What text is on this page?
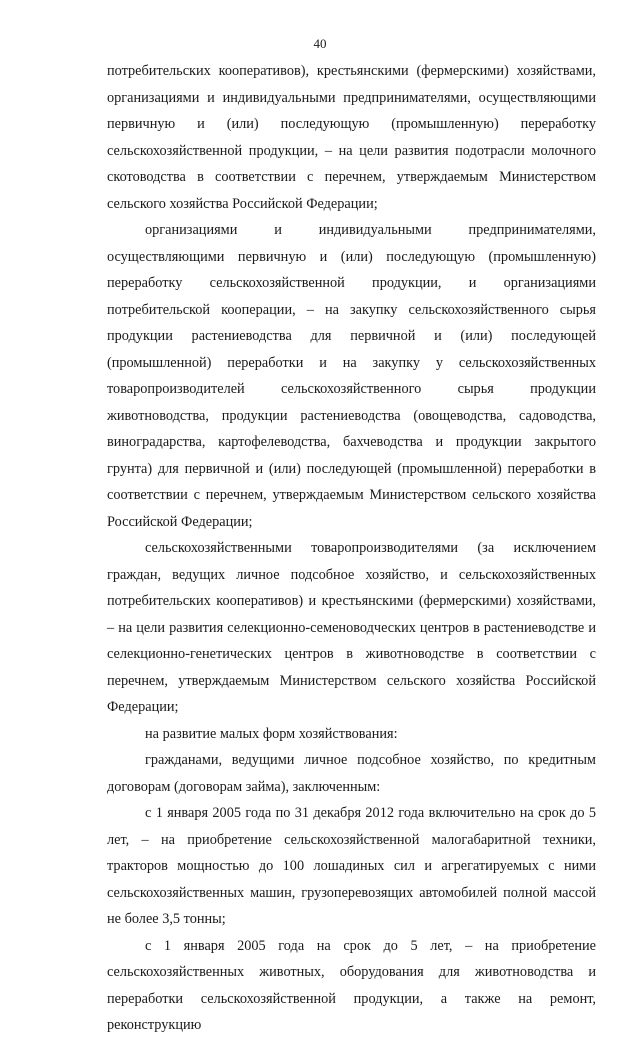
40

потребительских кооперативов), крестьянскими (фермерскими) хозяйствами, организациями и индивидуальными предпринимателями, осуществляющими первичную и (или) последующую (промышленную) переработку сельскохозяйственной продукции, – на цели развития подотрасли молочного скотоводства в соответствии с перечнем, утверждаемым Министерством сельского хозяйства Российской Федерации;

организациями и индивидуальными предпринимателями, осуществляющими первичную и (или) последующую (промышленную) переработку сельскохозяйственной продукции, и организациями потребительской кооперации, – на закупку сельскохозяйственного сырья продукции растениеводства для первичной и (или) последующей (промышленной) переработки и на закупку у сельскохозяйственных товаропроизводителей сельскохозяйственного сырья продукции животноводства, продукции растениеводства (овощеводства, садоводства, виноградарства, картофелеводства, бахчеводства и продукции закрытого грунта) для первичной и (или) последующей (промышленной) переработки в соответствии с перечнем, утверждаемым Министерством сельского хозяйства Российской Федерации;

сельскохозяйственными товаропроизводителями (за исключением граждан, ведущих личное подсобное хозяйство, и сельскохозяйственных потребительских кооперативов) и крестьянскими (фермерскими) хозяйствами, – на цели развития селекционно-семеноводческих центров в растениеводстве и селекционно-генетических центров в животноводстве в соответствии с перечнем, утверждаемым Министерством сельского хозяйства Российской Федерации;

на развитие малых форм хозяйствования:

гражданами, ведущими личное подсобное хозяйство, по кредитным договорам (договорам займа), заключенным:

с 1 января 2005 года по 31 декабря 2012 года включительно на срок до 5 лет, – на приобретение сельскохозяйственной малогабаритной техники, тракторов мощностью до 100 лошадиных сил и агрегатируемых с ними сельскохозяйственных машин, грузоперевозящих автомобилей полной массой не более 3,5 тонны;

с 1 января 2005 года на срок до 5 лет, – на приобретение сельскохозяйственных животных, оборудования для животноводства и переработки сельскохозяйственной продукции, а также на ремонт, реконструкцию
